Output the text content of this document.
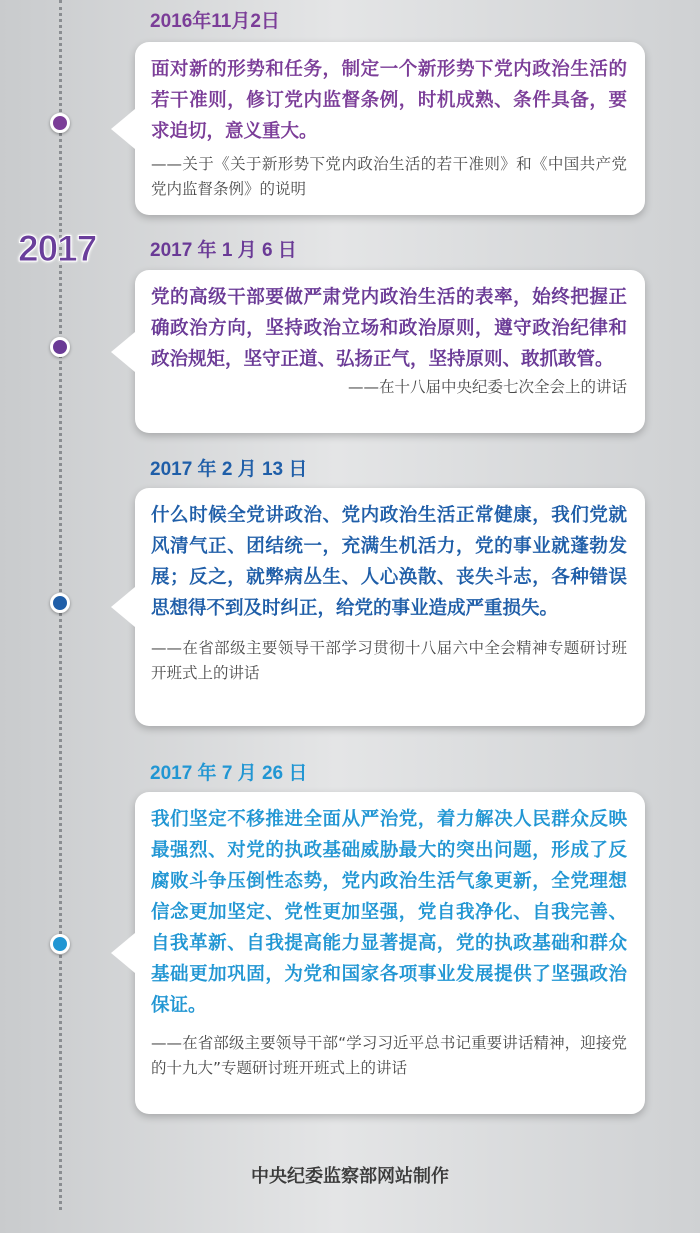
2017
2016年11月2日

面对新的形势和任务，制定一个新形势下党内政治生活的若干准则，修订党内监督条例，时机成熟、条件具备，要求迫切，意义重大。

——关于《关于新形势下党内政治生活的若干准则》和《中国共产党党内监督条例》的说明

2017 年 1 月 6 日

党的高级干部要做严肃党内政治生活的表率，始终把握正确政治方向，坚持政治立场和政治原则，遵守政治纪律和政治规矩，坚守正道、弘扬正气，坚持原则、敢抓敢管。

——在十八届中央纪委七次全会上的讲话

2017 年 2 月 13 日

什么时候全党讲政治、党内政治生活正常健康，我们党就风清气正、团结统一，充满生机活力，党的事业就蓬勃发展；反之，就弊病丛生、人心涣散、丧失斗志，各种错误思想得不到及时纠正，给党的事业造成严重损失。

——在省部级主要领导干部学习贯彻十八届六中全会精神专题研讨班开班式上的讲话

2017 年 7 月 26 日

我们坚定不移推进全面从严治党，着力解决人民群众反映最强烈、对党的执政基础威胁最大的突出问题，形成了反腐败斗争压倒性态势，党内政治生活气象更新，全党理想信念更加坚定、党性更加坚强，党自我净化、自我完善、自我革新、自我提高能力显著提高，党的执政基础和群众基础更加巩固，为党和国家各项事业发展提供了坚强政治保证。

——在省部级主要领导干部“学习习近平总书记重要讲话精神，迎接党的十九大”专题研讨班开班式上的讲话

中央纪委监察部网站制作
